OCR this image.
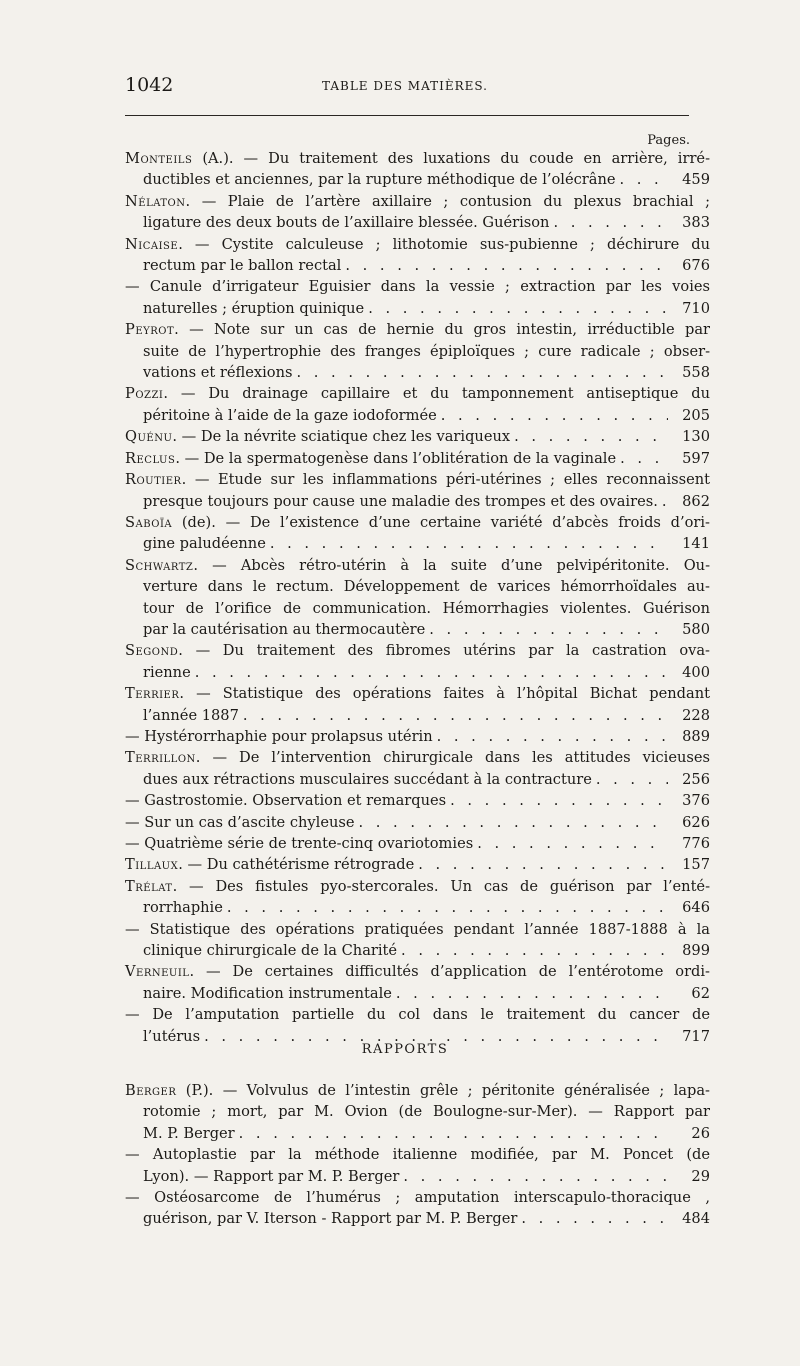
1042	TABLE DES MATIÈRES.
Pages.
Monteils (A.). — Du traitement des luxations du coude en arrière, irré-
ductibles et anciennes, par la rupture méthodique de l’olécrâne . . .	459
Nélaton. — Plaie de l’artère axillaire ; contusion du plexus brachial ;
ligature des deux bouts de l’axillaire blessée. Guérison . . .	383
Nicaise. — Cystite calculeuse ; lithotomie sus-pubienne ; déchirure du
rectum par le ballon rectal . . .	676
— Canule d’irrigateur Eguisier dans la vessie ; extraction par les voies
naturelles ; éruption quinique . . .	710
Peyrot. — Note sur un cas de hernie du gros intestin, irréductible par
suite de l’hypertrophie des franges épiploïques ; cure radicale ; obser-
vations et réflexions . . .	558
Pozzi. — Du drainage capillaire et du tamponnement antiseptique du
péritoine à l’aide de la gaze iodoformée . . .	205
Quénu. — De la névrite sciatique chez les variqueux . . .	130
Reclus. — De la spermatogenèse dans l’oblitération de la vaginale . . .	597
Routier. — Etude sur les inflammations péri-utérines ; elles reconnaissent
presque toujours pour cause une maladie des trompes et des ovaires. . . .	862
Saboïa (de). — De l’existence d’une certaine variété d’abcès froids d’ori-
gine paludéenne . . .	141
Schwartz. — Abcès rétro-utérin à la suite d’une pelvipéritonite. Ou-
verture dans le rectum. Développement de varices hémorrhoïdales au-
tour de l’orifice de communication. Hémorrhagies violentes. Guérison
par la cautérisation au thermocautère . . .	580
Segond. — Du traitement des fibromes utérins par la castration ova-
rienne . . .	400
Terrier. — Statistique des opérations faites à l’hôpital Bichat pendant
l’année 1887 . . .	228
— Hystérorrhaphie pour prolapsus utérin . . .	889
Terrillon. — De l’intervention chirurgicale dans les attitudes vicieuses
dues aux rétractions musculaires succédant à la contracture . . .	256
— Gastrostomie. Observation et remarques . . .	376
— Sur un cas d’ascite chyleuse . . .	626
— Quatrième série de trente-cinq ovariotomies . . .	776
Tillaux. — Du cathétérisme rétrograde . . .	157
Trélat. — Des fistules pyo-stercorales. Un cas de guérison par l’enté-
rorrhaphie . . .	646
— Statistique des opérations pratiquées pendant l’année 1887-1888 à la
clinique chirurgicale de la Charité . . .	899
Verneuil. — De certaines difficultés d’application de l’entérotome ordi-
naire. Modification instrumentale . . .	62
— De l’amputation partielle du col dans le traitement du cancer de
l’utérus . . .	717
RAPPORTS
Berger (P.). — Volvulus de l’intestin grêle ; péritonite généralisée ; lapa-
rotomie ; mort, par M. Ovion (de Boulogne-sur-Mer). — Rapport par
M. P. Berger . . .	26
— Autoplastie par la méthode italienne modifiée, par M. Poncet (de
Lyon). — Rapport par M. P. Berger . . .	29
— Ostéosarcome de l’humérus ; amputation interscapulo-thoracique ,
guérison, par V. Iterson - Rapport par M. P. Berger . . .	484
